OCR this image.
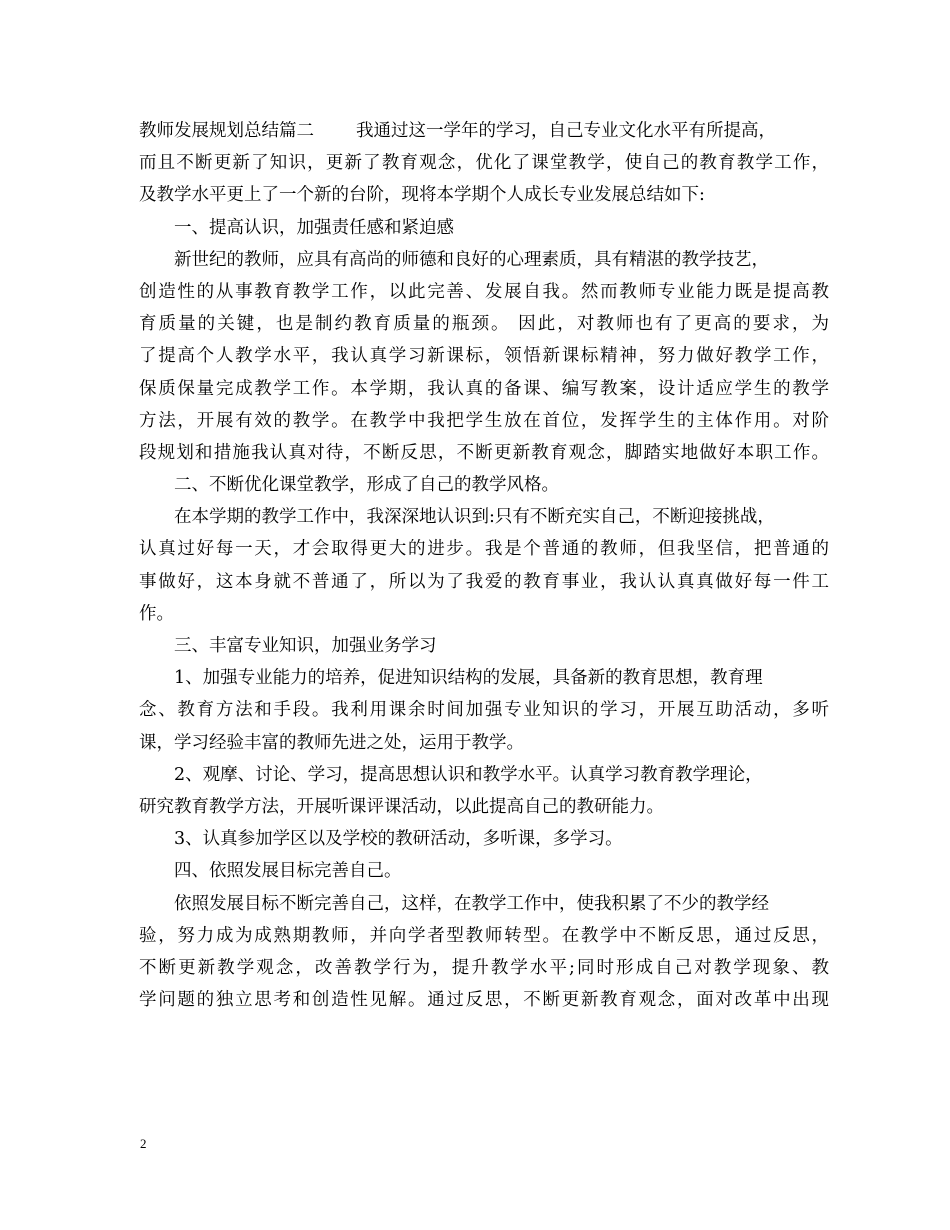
教师发展规划总结篇二 我通过这一学年的学习，自己专业文化水平有所提高，
而且不断更新了知识，更新了教育观念，优化了课堂教学，使自己的教育教学工作，
及教学水平更上了一个新的台阶，现将本学期个人成长专业发展总结如下:
一、提高认识，加强责任感和紧迫感
新世纪的教师，应具有高尚的师德和良好的心理素质，具有精湛的教学技艺，
创造性的从事教育教学工作，以此完善、发展自我。然而教师专业能力既是提高教
育质量的关键，也是制约教育质量的瓶颈。 因此，对教师也有了更高的要求，为
了提高个人教学水平，我认真学习新课标，领悟新课标精神，努力做好教学工作，
保质保量完成教学工作。本学期，我认真的备课、编写教案，设计适应学生的教学
方法，开展有效的教学。在教学中我把学生放在首位，发挥学生的主体作用。对阶
段规划和措施我认真对待，不断反思，不断更新教育观念，脚踏实地做好本职工作。
二、不断优化课堂教学，形成了自己的教学风格。
在本学期的教学工作中，我深深地认识到:只有不断充实自己，不断迎接挑战，
认真过好每一天，才会取得更大的进步。我是个普通的教师，但我坚信，把普通的
事做好，这本身就不普通了，所以为了我爱的教育事业，我认认真真做好每一件工
作。
三、丰富专业知识，加强业务学习
1、加强专业能力的培养，促进知识结构的发展，具备新的教育思想，教育理
念、教育方法和手段。我利用课余时间加强专业知识的学习，开展互助活动，多听
课，学习经验丰富的教师先进之处，运用于教学。
2、观摩、讨论、学习，提高思想认识和教学水平。认真学习教育教学理论，
研究教育教学方法，开展听课评课活动，以此提高自己的教研能力。
3、认真参加学区以及学校的教研活动，多听课，多学习。
四、依照发展目标完善自己。
依照发展目标不断完善自己，这样，在教学工作中，使我积累了不少的教学经
验，努力成为成熟期教师，并向学者型教师转型。在教学中不断反思，通过反思，
不断更新教学观念，改善教学行为，提升教学水平;同时形成自己对教学现象、教
学问题的独立思考和创造性见解。通过反思，不断更新教育观念，面对改革中出现
2
